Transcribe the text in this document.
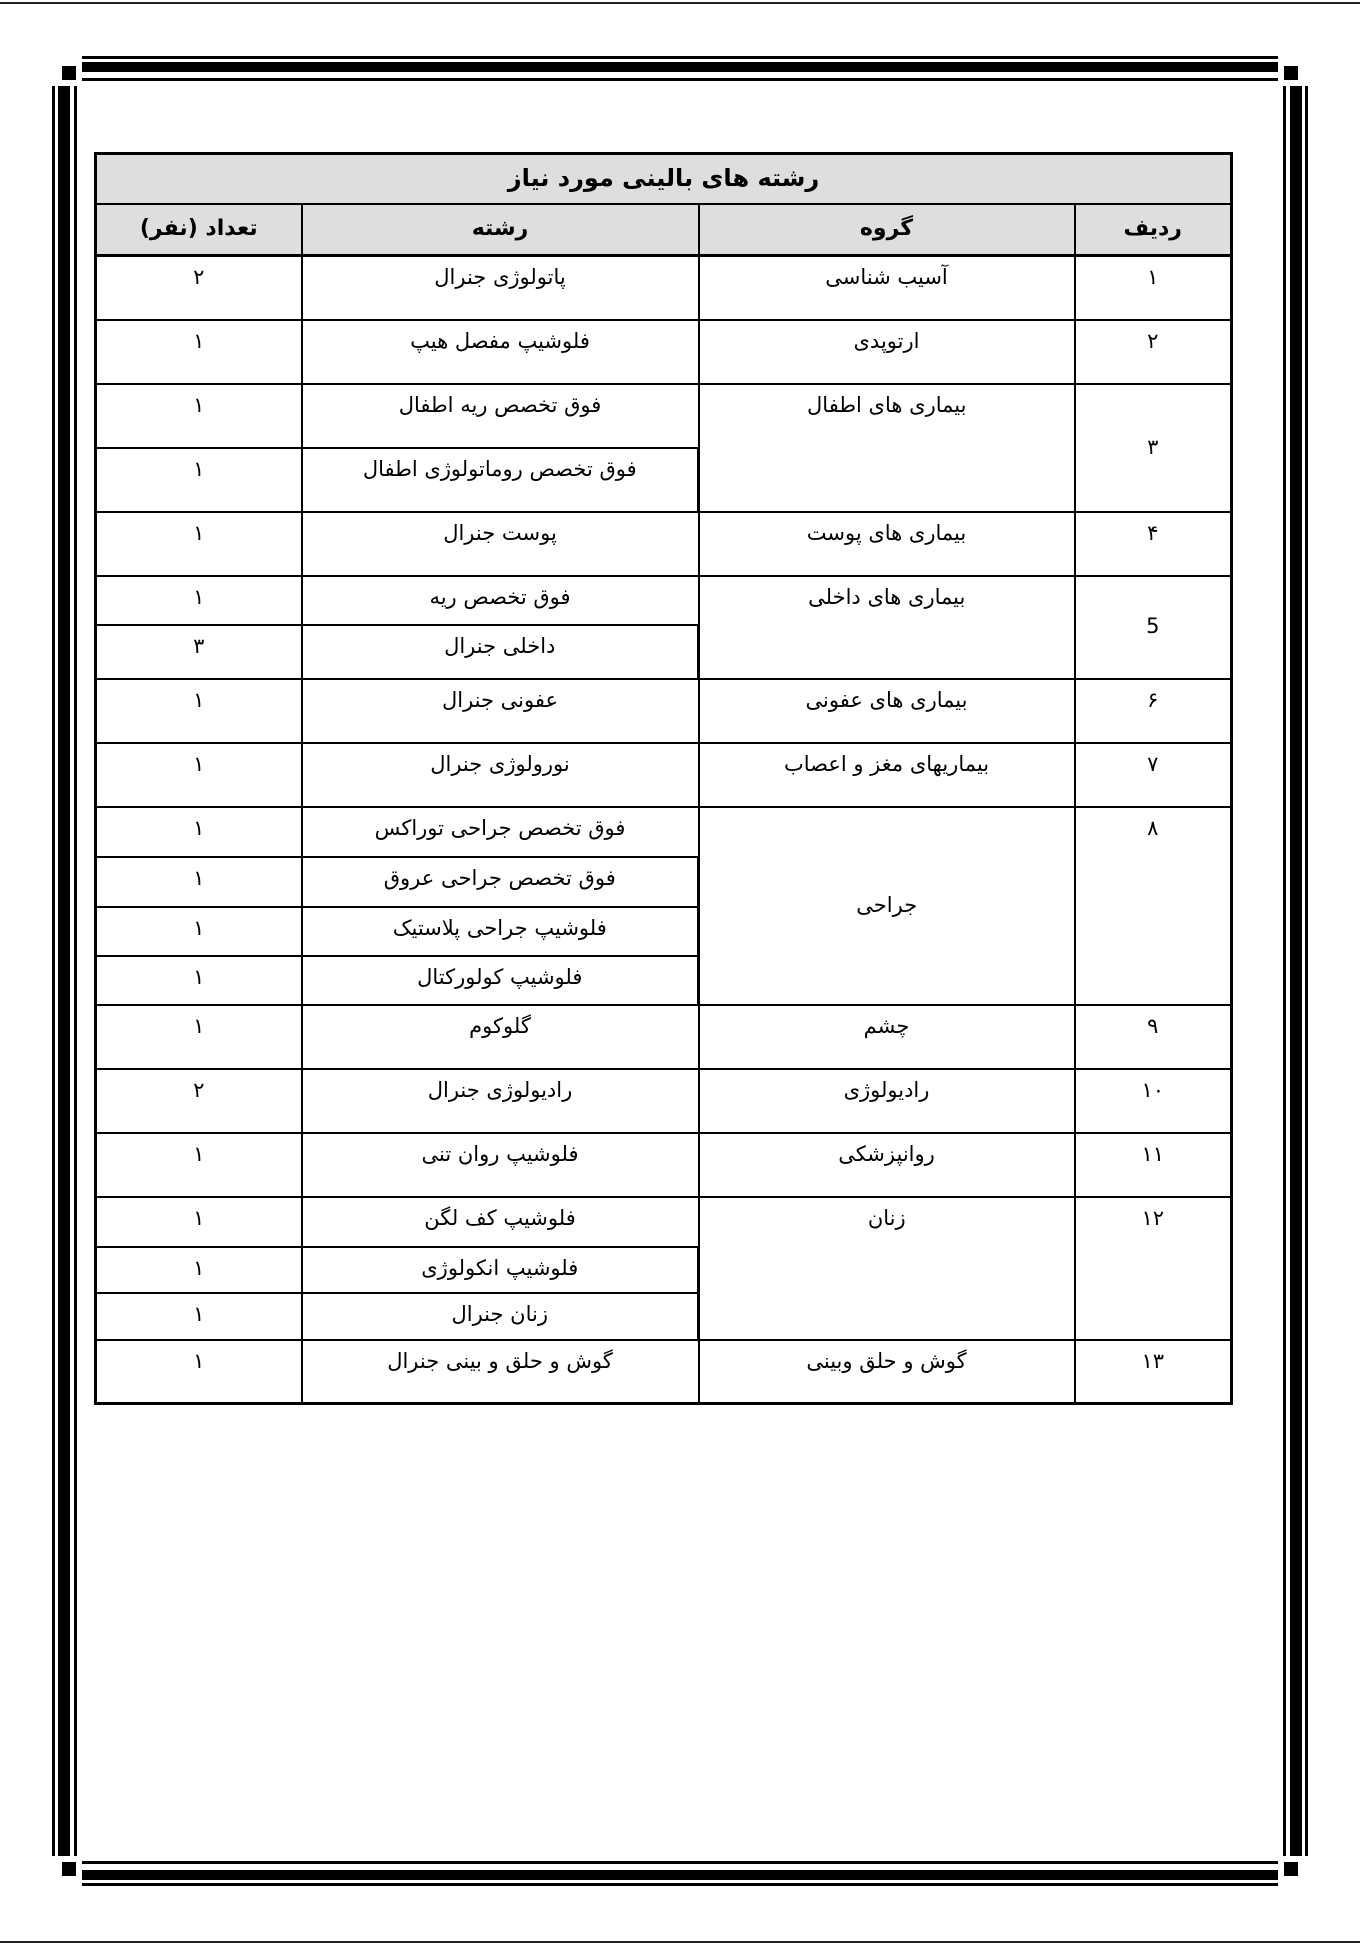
رشته های بالینی مورد نیاز			
ردیف	گروه	رشته	تعداد (نفر)
۱	آسیب شناسی	پاتولوژی جنرال	۲
۲	ارتوپدی	فلوشیپ مفصل هیپ	۱
۳	بیماری های اطفال	فوق تخصص ریه اطفال	۱
		فوق تخصص روماتولوژی اطفال	۱
۴	بیماری های پوست	پوست جنرال	۱
5	بیماری های داخلی	فوق تخصص ریه	۱
		داخلی جنرال	۳
۶	بیماری های عفونی	عفونی جنرال	۱
۷	بیماریهای مغز و اعصاب	نورولوژی جنرال	۱
۸	جراحی	فوق تخصص جراحی توراکس	۱
		فوق تخصص جراحی عروق	۱
		فلوشیپ جراحی پلاستیک	۱
		فلوشیپ کولورکتال	۱
۹	چشم	گلوکوم	۱
۱۰	رادیولوژی	رادیولوژی جنرال	۲
۱۱	روانپزشکی	فلوشیپ روان تنی	۱
۱۲	زنان	فلوشیپ کف لگن	۱
		فلوشیپ انکولوژی	۱
		زنان جنرال	۱
۱۳	گوش و حلق وبینی	گوش و حلق و بینی جنرال	۱
